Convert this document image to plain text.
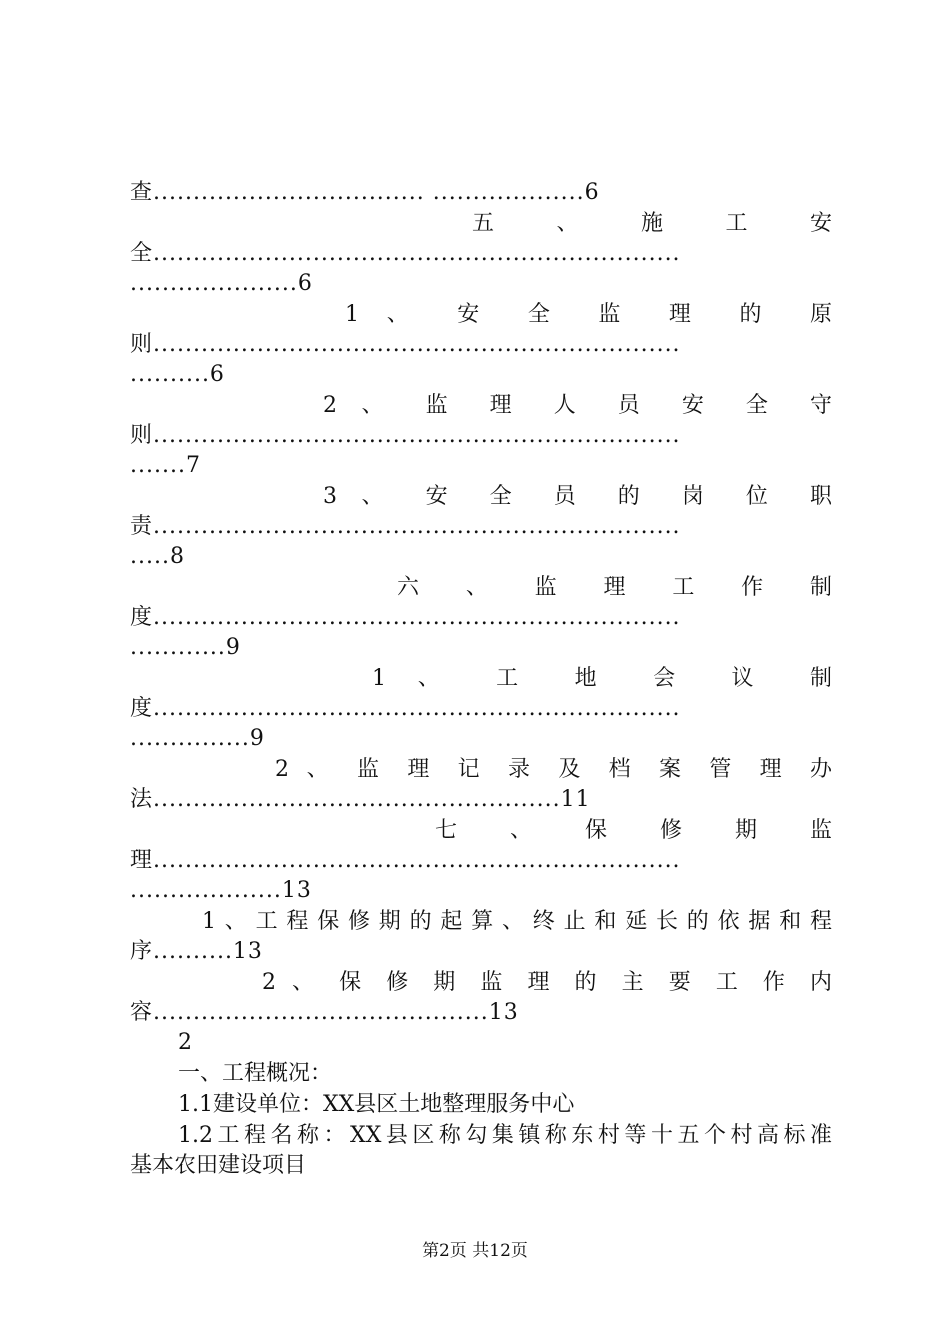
查.................................. ...................6
五 、 施 工 安
全..................................................................
.....................6
1 、 安 全 监 理 的 原
则..................................................................
..........6
2 、 监 理 人 员 安 全 守
则..................................................................
.......7
3 、 安 全 员 的 岗 位 职
责..................................................................
.....8
六 、 监 理 工 作 制
度..................................................................
............9
1 、 工 地 会 议 制
度..................................................................
...............9
2 、 监 理 记 录 及 档 案 管 理 办
法...................................................11
七 、 保 修 期 监
理..................................................................
...................13
1、工程保修期的起算、终止和延长的依据和程
序..........13
2 、 保 修 期 监 理 的 主 要 工 作 内
容..........................................13
2
一、工程概况：
1.1建设单位：XX县区土地整理服务中心
1.2工程名称：XX县区称勾集镇称东村等十五个村高标准
基本农田建设项目
第2页 共12页
